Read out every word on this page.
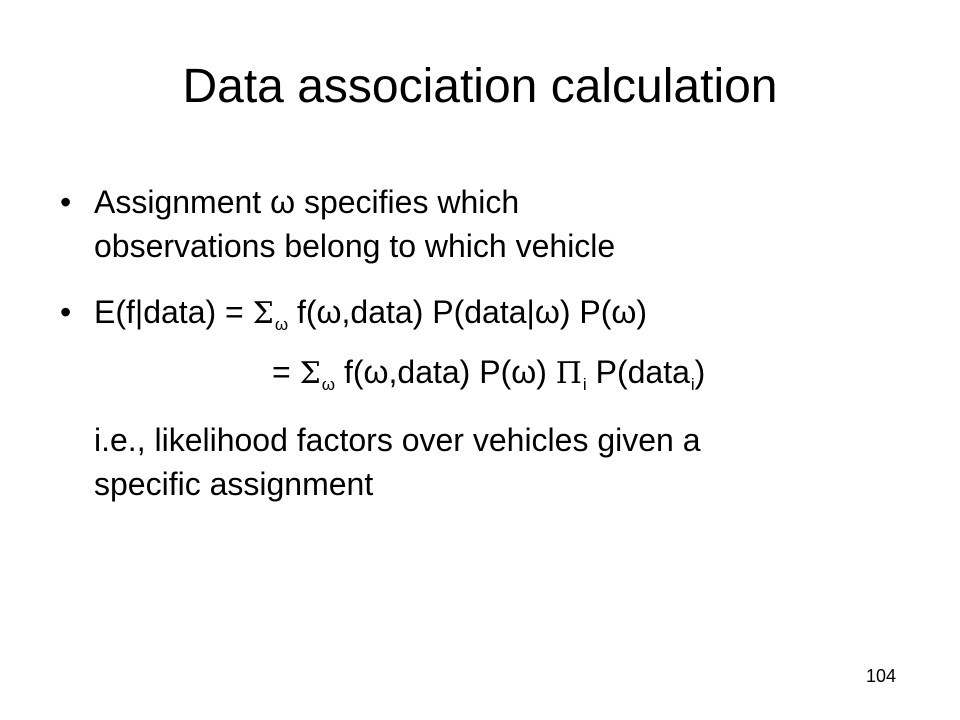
Data association calculation
• Assignment ω specifies which
observations belong to which vehicle
• E(f|data) = $\Sigma_\omega$ f(ω,data) P(data|ω) P(ω)
= $\Sigma_\omega$ f(ω,data) P(ω) $\Pi_i$ P(data$_i$)
i.e., likelihood factors over vehicles given a
specific assignment
104
